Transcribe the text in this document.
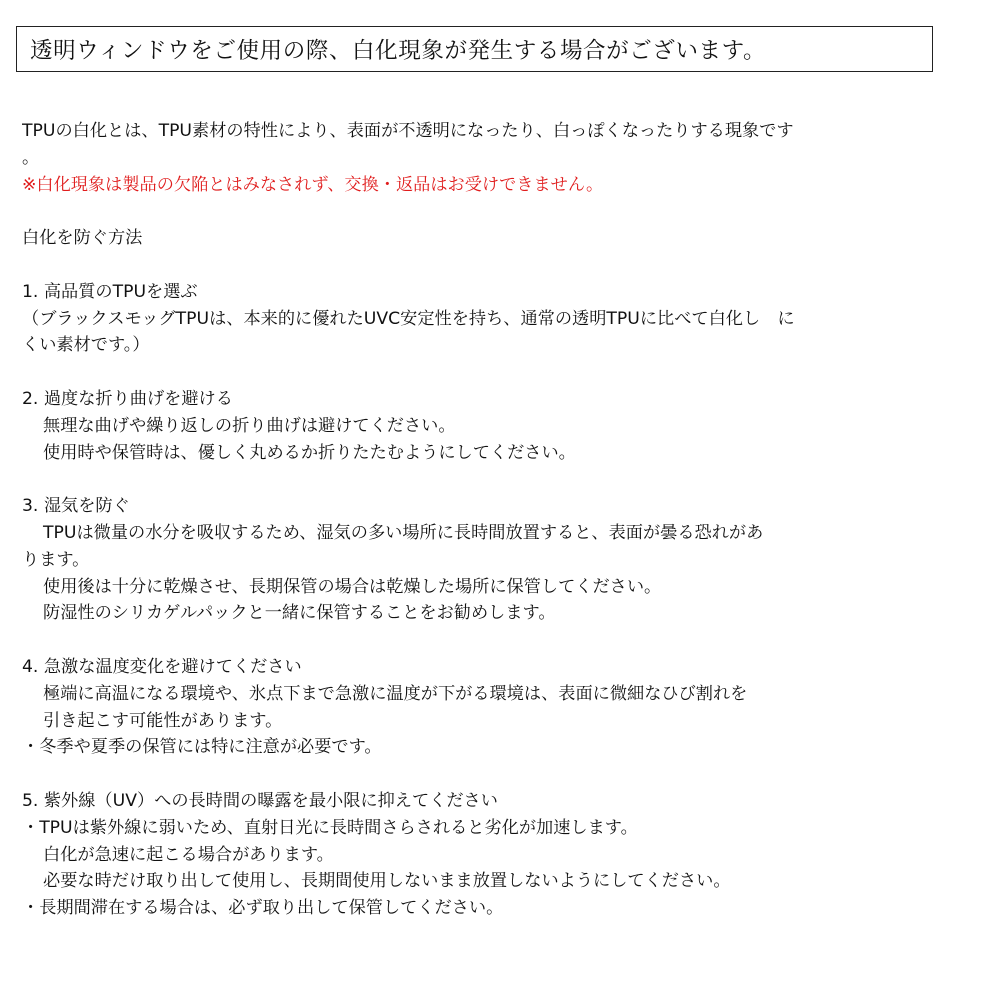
透明ウィンドウをご使用の際、白化現象が発生する場合がございます。
TPUの白化とは、TPU素材の特性により、表面が不透明になったり、白っぽくなったりする現象です
。
※白化現象は製品の欠陥とはみなされず、交換・返品はお受けできません。
白化を防ぐ方法
1. 高品質のTPUを選ぶ
（ブラックスモッグTPUは、本来的に優れたUVC安定性を持ち、通常の透明TPUに比べて白化し　に
くい素材です。）
2. 過度な折り曲げを避ける
無理な曲げや繰り返しの折り曲げは避けてください。
使用時や保管時は、優しく丸めるか折りたたむようにしてください。
3. 湿気を防ぐ
TPUは微量の水分を吸収するため、湿気の多い場所に長時間放置すると、表面が曇る恐れがあ
ります。
使用後は十分に乾燥させ、長期保管の場合は乾燥した場所に保管してください。
防湿性のシリカゲルパックと一緒に保管することをお勧めします。
4. 急激な温度変化を避けてください
極端に高温になる環境や、氷点下まで急激に温度が下がる環境は、表面に微細なひび割れを
引き起こす可能性があります。
・冬季や夏季の保管には特に注意が必要です。
5. 紫外線（UV）への長時間の曝露を最小限に抑えてください
・TPUは紫外線に弱いため、直射日光に長時間さらされると劣化が加速します。
白化が急速に起こる場合があります。
必要な時だけ取り出して使用し、長期間使用しないまま放置しないようにしてください。
・長期間滞在する場合は、必ず取り出して保管してください。
